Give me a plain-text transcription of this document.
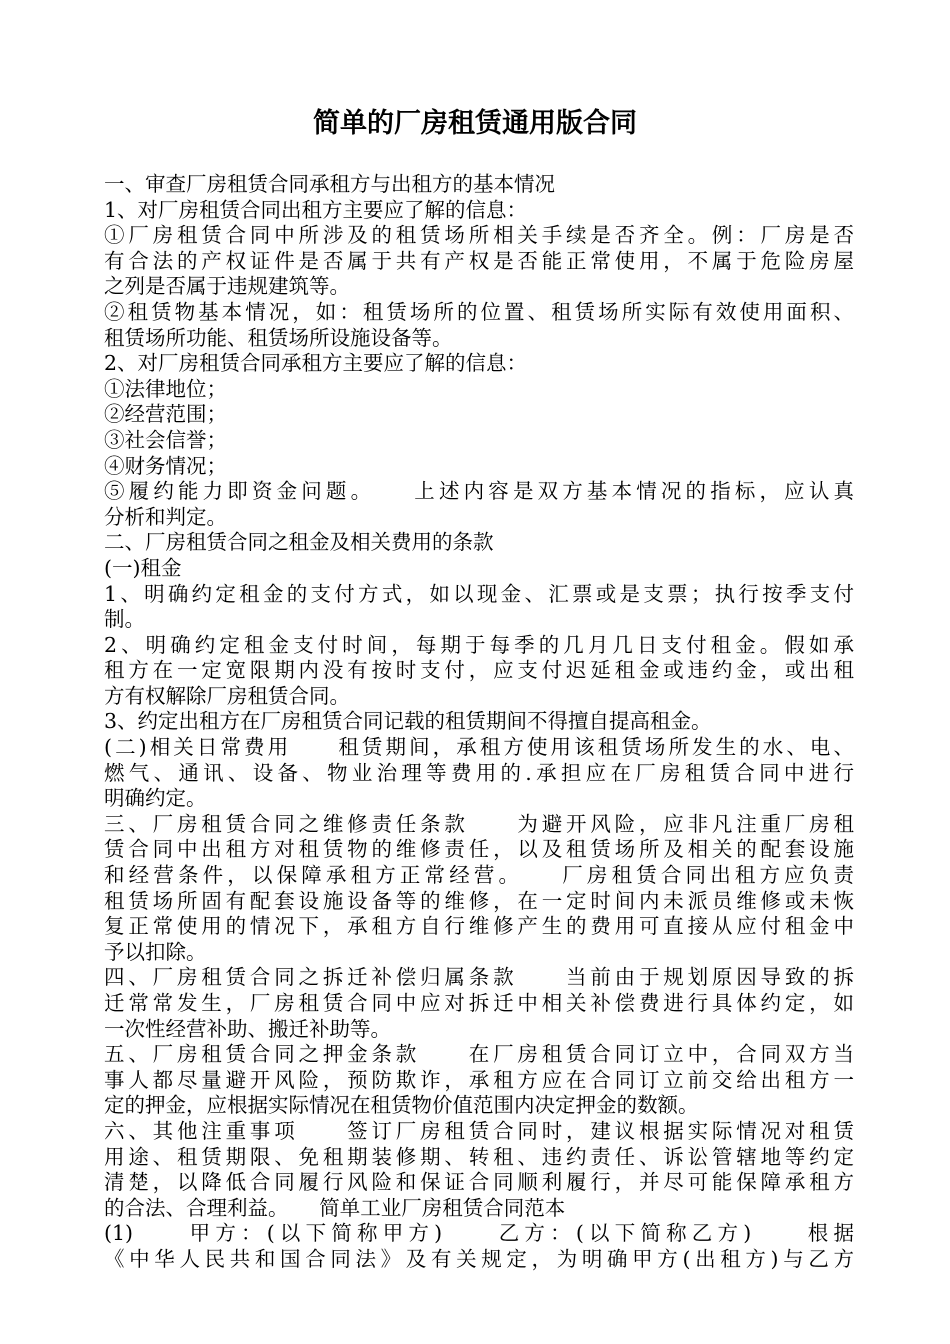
简单的厂房租赁通用版合同
一、审查厂房租赁合同承租方与出租方的基本情况
1、对厂房租赁合同出租方主要应了解的信息：
①厂房租赁合同中所涉及的租赁场所相关手续是否齐全。例：厂房是否
有合法的产权证件是否属于共有产权是否能正常使用，不属于危险房屋
之列是否属于违规建筑等。
②租赁物基本情况，如：租赁场所的位置、租赁场所实际有效使用面积、
租赁场所功能、租赁场所设施设备等。
2、对厂房租赁合同承租方主要应了解的信息：
①法律地位；
②经营范围；
③社会信誉；
④财务情况；
⑤履约能力即资金问题。　　上述内容是双方基本情况的指标，应认真
分析和判定。
二、厂房租赁合同之租金及相关费用的条款
(一)租金
1、明确约定租金的支付方式，如以现金、汇票或是支票；执行按季支付
制。
2、明确约定租金支付时间，每期于每季的几月几日支付租金。假如承
租方在一定宽限期内没有按时支付，应支付迟延租金或违约金，或出租
方有权解除厂房租赁合同。
3、约定出租方在厂房租赁合同记载的租赁期间不得擅自提高租金。
(二)相关日常费用　　租赁期间，承租方使用该租赁场所发生的水、电、
燃气、通讯、设备、物业治理等费用的.承担应在厂房租赁合同中进行
明确约定。
三、厂房租赁合同之维修责任条款　　为避开风险，应非凡注重厂房租
赁合同中出租方对租赁物的维修责任，以及租赁场所及相关的配套设施
和经营条件，以保障承租方正常经营。　　厂房租赁合同出租方应负责
租赁场所固有配套设施设备等的维修，在一定时间内未派员维修或未恢
复正常使用的情况下，承租方自行维修产生的费用可直接从应付租金中
予以扣除。
四、厂房租赁合同之拆迁补偿归属条款　　当前由于规划原因导致的拆
迁常常发生，厂房租赁合同中应对拆迁中相关补偿费进行具体约定，如
一次性经营补助、搬迁补助等。
五、厂房租赁合同之押金条款　　在厂房租赁合同订立中，合同双方当
事人都尽量避开风险，预防欺诈，承租方应在合同订立前交给出租方一
定的押金，应根据实际情况在租赁物价值范围内决定押金的数额。
六、其他注重事项　　签订厂房租赁合同时，建议根据实际情况对租赁
用途、租赁期限、免租期装修期、转租、违约责任、诉讼管辖地等约定
清楚，以降低合同履行风险和保证合同顺利履行，并尽可能保障承租方
的合法、合理利益。　　简单工业厂房租赁合同范本
(1)　　甲方：(以下简称甲方)　　乙方：(以下简称乙方)　　根据
《中华人民共和国合同法》及有关规定，为明确甲方(出租方)与乙方
